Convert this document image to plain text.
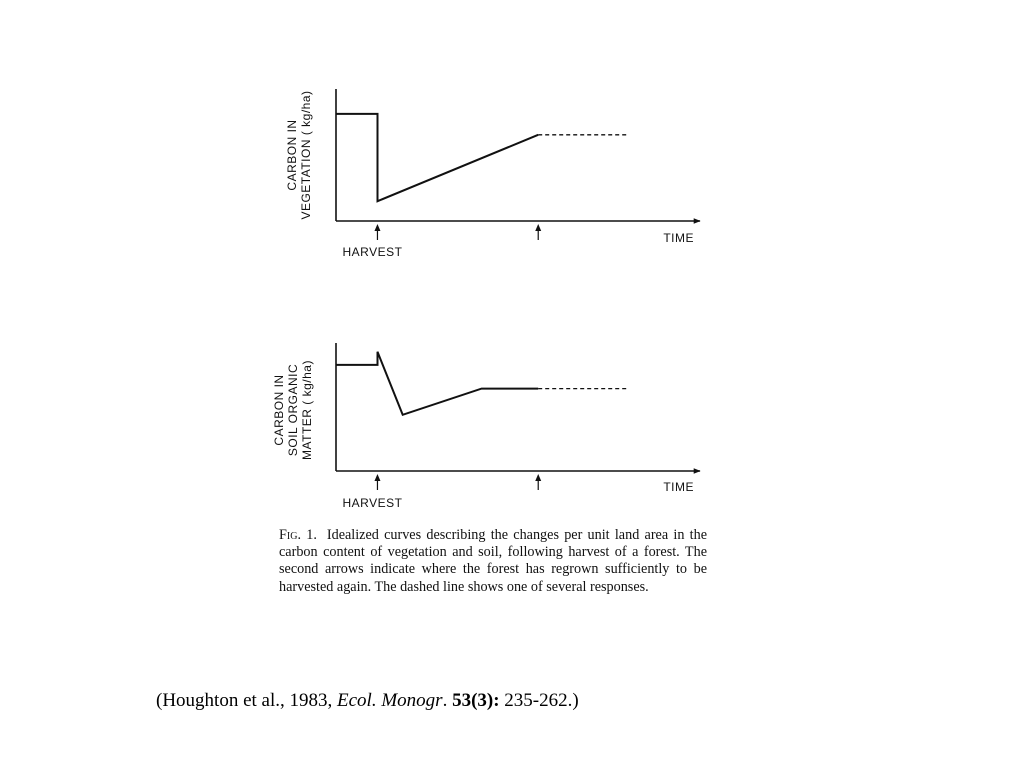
HARVEST
TIME
CARBON IN VEGETATION ( kg/ha)
HARVEST
TIME
CARBON IN SOIL ORGANIC MATTER ( kg/ha)
Fig. 1. Idealized curves describing the changes per unit land area in the carbon content of vegetation and soil, following harvest of a forest. The second arrows indicate where the forest has regrown sufficiently to be harvested again. The dashed line shows one of several responses.
(Houghton et al., 1983, Ecol. Monogr. 53(3): 235-262.)
